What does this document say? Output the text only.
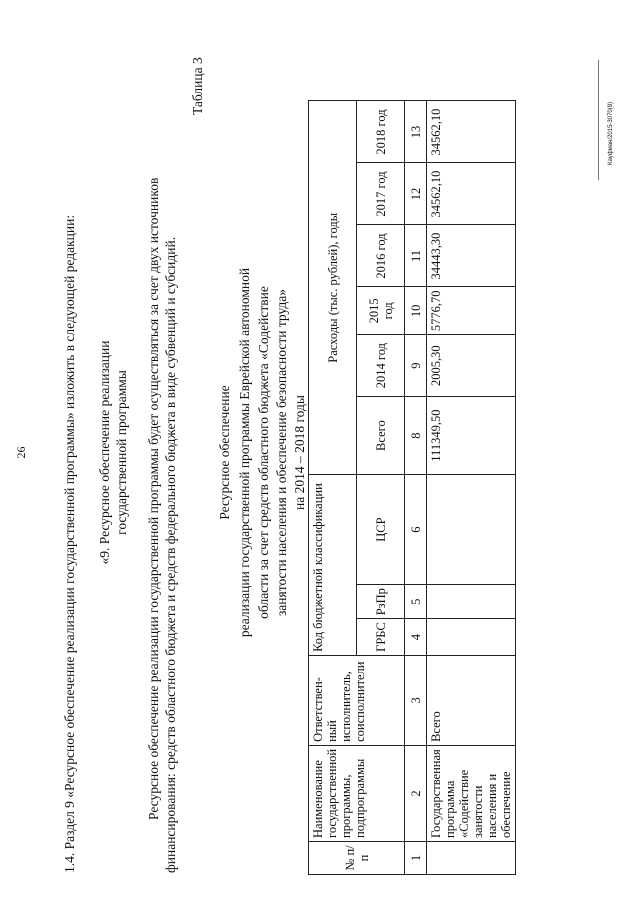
26	1.4. Раздел 9 «Ресурсное обеспечение реализации государственной программы» изложить в следующей редакции: «9. Ресурсное обеспечение реализации государственной программы Ресурсное обеспечение реализации государственной программы будет осуществляться за счет двух источников финансирования: средств областного бюджета и средств федерального бюджета в виде субвенций и субсидий.
Таблица 3
Ресурсное обеспечение реализации государственной программы Еврейской автономной области за счет средств областного бюджета «Содействие занятости населения и обеспечение безопасности труда» на 2014 – 2018 годы
№ п/п	Наименование государственной программы, подпрограммы	Ответствен-ный исполнитель, соисполнители	Код бюджетной классификации			Расходы (тыс. рублей), годы					
			ГРБС	РзПр	ЦСР	Всего	2014 год	2015 год	2016 год	2017 год	2018 год
1	2	3	4	5	6	8	9	10	11	12	13
	Государственная программа «Содействие занятости населения и обеспечение	Всего				111349,50	2005,30	5776,70	34443,30	34562,10	34562,10	Кауфман/2015-3070(8)
